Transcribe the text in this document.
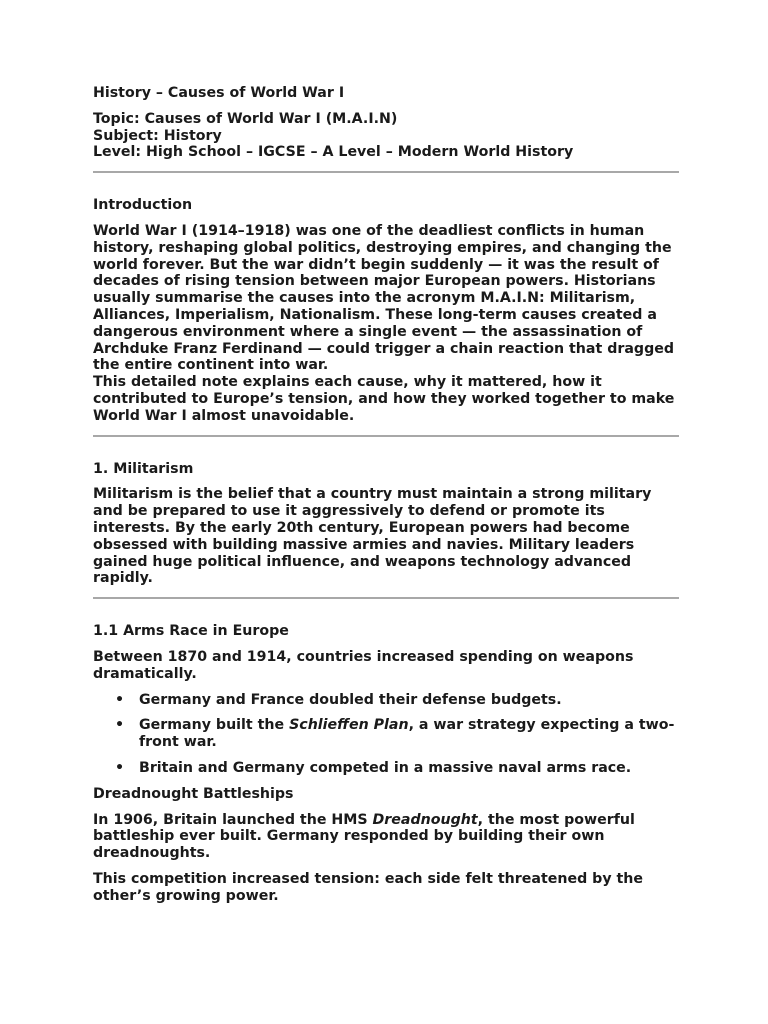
History – Causes of World War I
Topic: Causes of World War I (M.A.I.N)
Subject: History
Level: High School – IGCSE – A Level – Modern World History
Introduction
World War I (1914–1918) was one of the deadliest conflicts in human history, reshaping global politics, destroying empires, and changing the world forever. But the war didn’t begin suddenly — it was the result of decades of rising tension between major European powers. Historians usually summarise the causes into the acronym M.A.I.N: Militarism, Alliances, Imperialism, Nationalism. These long-term causes created a dangerous environment where a single event — the assassination of Archduke Franz Ferdinand — could trigger a chain reaction that dragged the entire continent into war.
This detailed note explains each cause, why it mattered, how it contributed to Europe’s tension, and how they worked together to make World War I almost unavoidable.
1. Militarism
Militarism is the belief that a country must maintain a strong military and be prepared to use it aggressively to defend or promote its interests. By the early 20th century, European powers had become obsessed with building massive armies and navies. Military leaders gained huge political influence, and weapons technology advanced rapidly.
1.1 Arms Race in Europe
Between 1870 and 1914, countries increased spending on weapons dramatically.
• Germany and France doubled their defense budgets.
• Germany built the Schlieffen Plan, a war strategy expecting a two-front war.
• Britain and Germany competed in a massive naval arms race.
Dreadnought Battleships
In 1906, Britain launched the HMS Dreadnought, the most powerful battleship ever built. Germany responded by building their own dreadnoughts.
This competition increased tension: each side felt threatened by the other’s growing power.
